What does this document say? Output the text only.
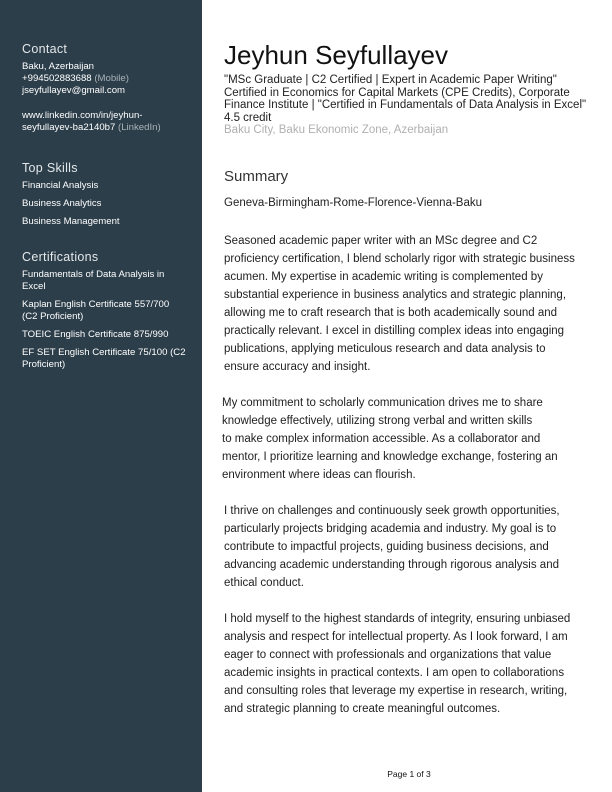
Contact
Baku, Azerbaijan
+994502883688 (Mobile)
jseyfullayev@gmail.com
www.linkedin.com/in/jeyhun-
seyfullayev-ba2140b7 (LinkedIn)
Top Skills
Financial Analysis
Business Analytics
Business Management
Certifications
Fundamentals of Data Analysis in Excel
Kaplan English Certificate 557/700 (C2 Proficient)
TOEIC English Certificate 875/990
EF SET English Certificate 75/100 (C2 Proficient)
Jeyhun Seyfullayev
"MSc Graduate | C2 Certified | Expert in Academic Paper Writing" Certified in Economics for Capital Markets (CPE Credits), Corporate Finance Institute | "Certified in Fundamentals of Data Analysis in Excel" 4.5 credit
Baku City, Baku Ekonomic Zone, Azerbaijan
Summary
Geneva-Birmingham-Rome-Florence-Vienna-Baku
Seasoned academic paper writer with an MSc degree and C2
proficiency certification, I blend scholarly rigor with strategic business
acumen. My expertise in academic writing is complemented by
substantial experience in business analytics and strategic planning,
allowing me to craft research that is both academically sound and
practically relevant. I excel in distilling complex ideas into engaging
publications, applying meticulous research and data analysis to
ensure accuracy and insight.
My commitment to scholarly communication drives me to share
knowledge effectively, utilizing strong verbal and written skills
to make complex information accessible. As a collaborator and
mentor, I prioritize learning and knowledge exchange, fostering an
environment where ideas can flourish.
I thrive on challenges and continuously seek growth opportunities,
particularly projects bridging academia and industry. My goal is to
contribute to impactful projects, guiding business decisions, and
advancing academic understanding through rigorous analysis and
ethical conduct.
I hold myself to the highest standards of integrity, ensuring unbiased
analysis and respect for intellectual property. As I look forward, I am
eager to connect with professionals and organizations that value
academic insights in practical contexts. I am open to collaborations
and consulting roles that leverage my expertise in research, writing,
and strategic planning to create meaningful outcomes.
Page 1 of 3
